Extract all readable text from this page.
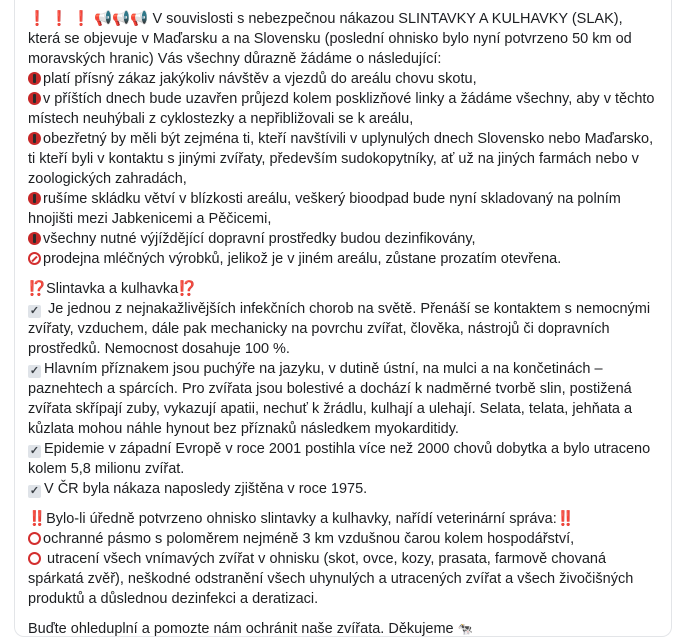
❗ ❗ ❗ 📢📢📢 V souvislosti s nebezpečnou nákazou SLINTAVKY A KULHAVKY (SLAK), která se objevuje v Maďarsku a na Slovensku (poslední ohnisko bylo nyní potvrzeno 50 km od moravských hranic) Vás všechny důrazně žádáme o následující:

platí přísný zákaz jakýkoliv návštěv a vjezdů do areálu chovu skotu,

v příštích dnech bude uzavřen průjezd kolem posklizňové linky a žádáme všechny, aby v těchto místech neuhýbali z cyklostezky a nepřibližovali se k areálu,

obezřetný by měli být zejména ti, kteří navštívili v uplynulých dnech Slovensko nebo Maďarsko, ti kteří byli v kontaktu s jinými zvířaty, především sudokopytníky, ať už na jiných farmách nebo v zoologických zahradách,

rušíme skládku větví v blízkosti areálu, veškerý bioodpad bude nyní skladovaný na polním hnojišti mezi Jabkenicemi a Pěčicemi,

všechny nutné výjíždějící dopravní prostředky budou dezinfikovány,

prodejna mléčných výrobků, jelikož je v jiném areálu, zůstane prozatím otevřena.

⁉️Slintavka a kulhavka⁉️

✓ Je jednou z nejnakažlivějších infekčních chorob na světě. Přenáší se kontaktem s nemocnými zvířaty, vzduchem, dále pak mechanicky na povrchu zvířat, člověka, nástrojů či dopravních prostředků. Nemocnost dosahuje 100 %.

✓ Hlavním příznakem jsou puchýře na jazyku, v dutině ústní, na mulci a na končetinách – paznehtech a spárcích. Pro zvířata jsou bolestivé a dochází k nadměrné tvorbě slin, postižená zvířata skřípají zuby, vykazují apatii, nechuť k žrádlu, kulhají a ulehají. Selata, telata, jehňata a kůzlata mohou náhle hynout bez příznaků následkem myokarditidy.

✓ Epidemie v západní Evropě v roce 2001 postihla více než 2000 chovů dobytka a bylo utraceno kolem 5,8 milionu zvířat.

✓ V ČR byla nákaza naposledy zjištěna v roce 1975.

‼️Bylo-li úředně potvrzeno ohnisko slintavky a kulhavky, nařídí veterinární správa:‼️

ochranné pásmo s poloměrem nejméně 3 km vzdušnou čarou kolem hospodářství,

utracení všech vnímavých zvířat v ohnisku (skot, ovce, kozy, prasata, farmově chovaná spárkatá zvěř), neškodné odstranění všech uhynulých a utracených zvířat a všech živočišných produktů a důslednou dezinfekci a deratizaci.

Buďte ohleduplní a pomozte nám ochránit naše zvířata. Děkujeme 🐄
